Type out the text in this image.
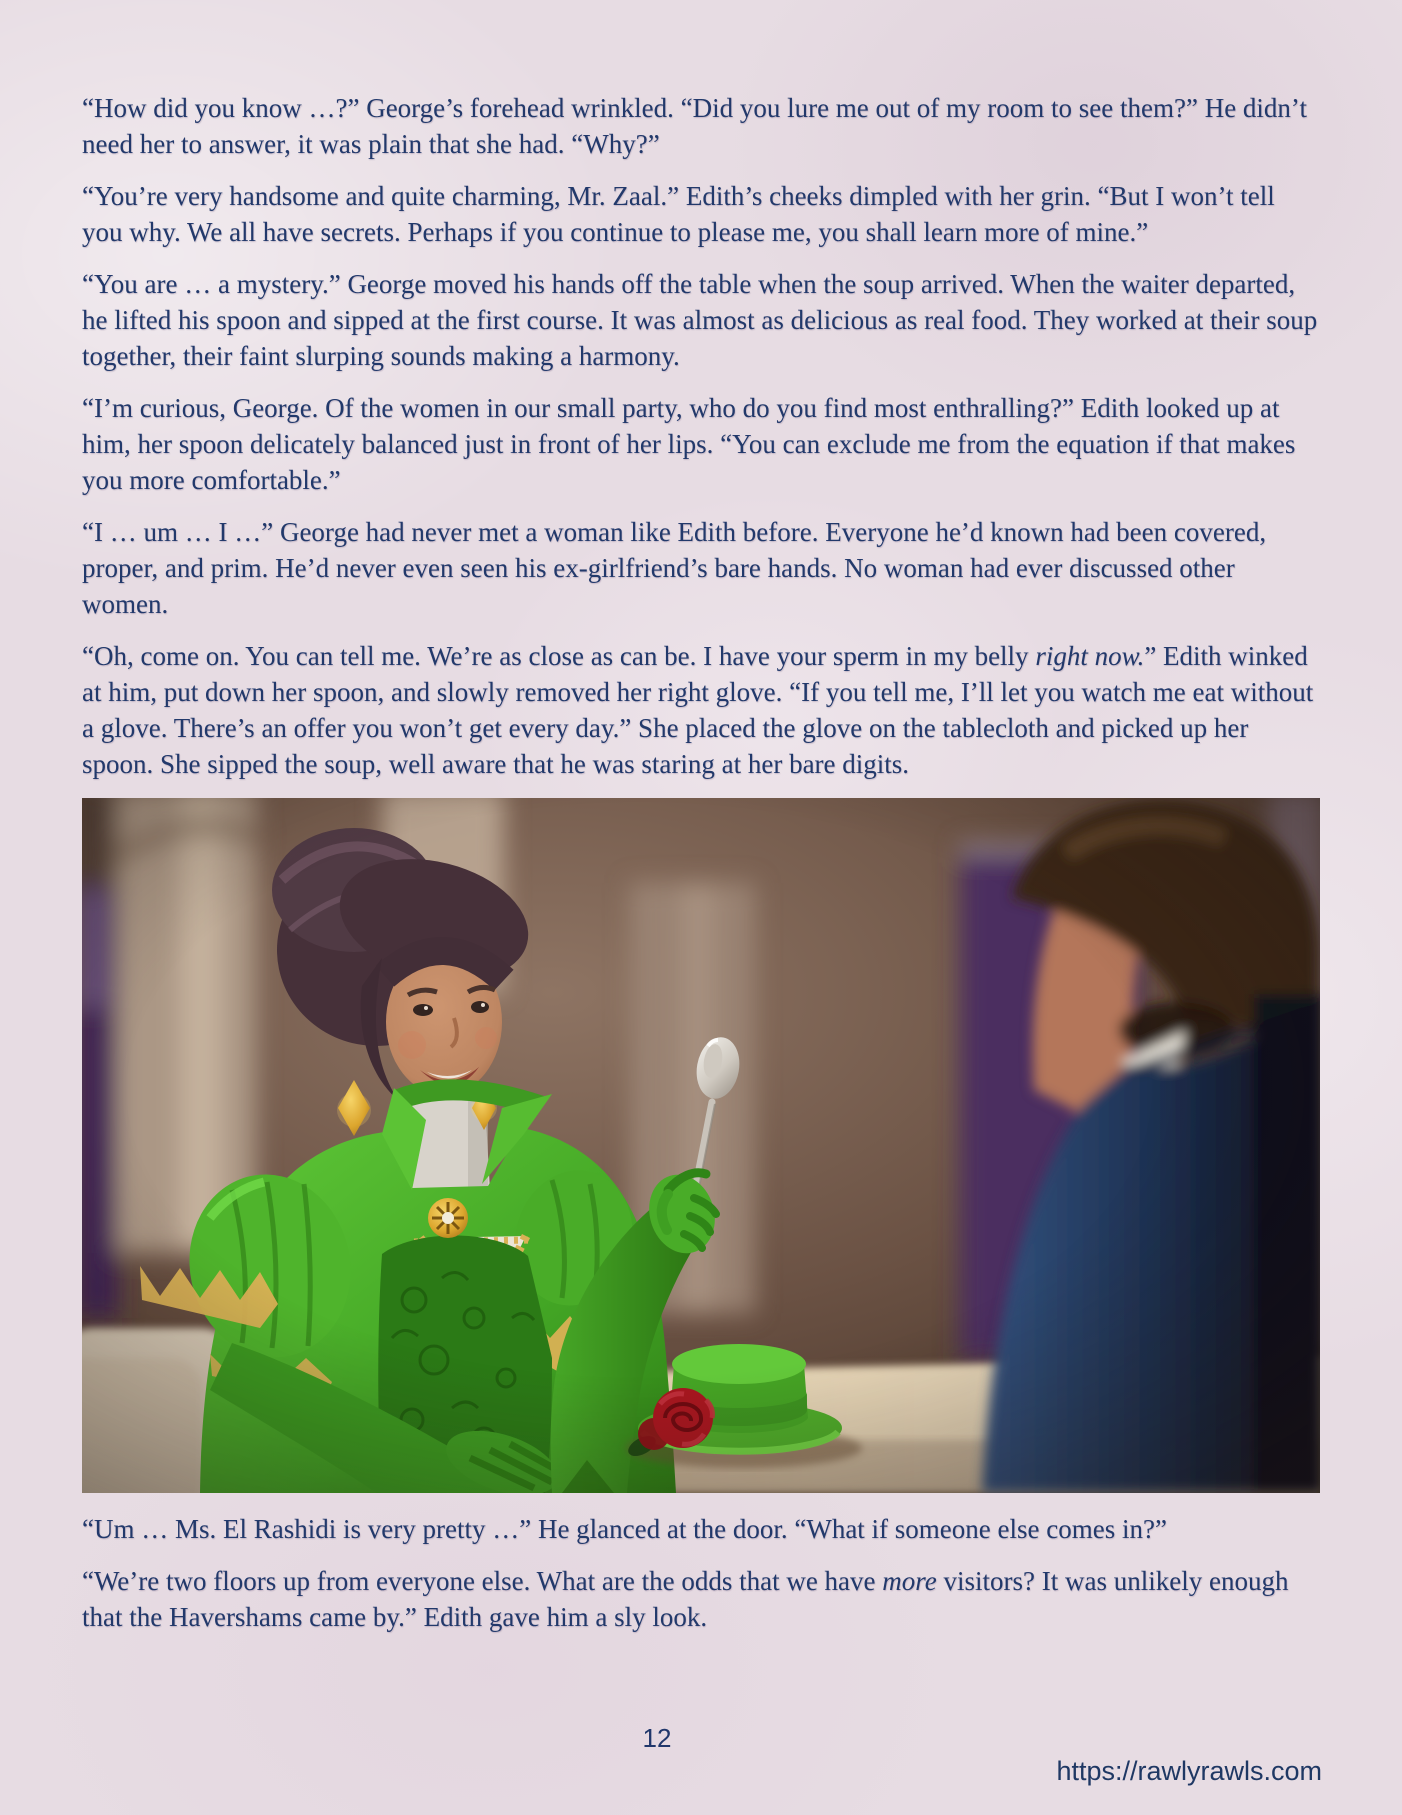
“How did you know …?” George’s forehead wrinkled. “Did you lure me out of my room to see them?” He didn’t need her to answer, it was plain that she had. “Why?”

“You’re very handsome and quite charming, Mr. Zaal.” Edith’s cheeks dimpled with her grin. “But I won’t tell you why. We all have secrets. Perhaps if you continue to please me, you shall learn more of mine.”

“You are … a mystery.” George moved his hands off the table when the soup arrived. When the waiter departed, he lifted his spoon and sipped at the first course. It was almost as delicious as real food. They worked at their soup together, their faint slurping sounds making a harmony.

“I’m curious, George. Of the women in our small party, who do you find most enthralling?” Edith looked up at him, her spoon delicately balanced just in front of her lips. “You can exclude me from the equation if that makes you more comfortable.”

“I … um … I …” George had never met a woman like Edith before. Everyone he’d known had been covered, proper, and prim. He’d never even seen his ex-girlfriend’s bare hands. No woman had ever discussed other women.

“Oh, come on. You can tell me. We’re as close as can be. I have your sperm in my belly right now.” Edith winked at him, put down her spoon, and slowly removed her right glove. “If you tell me, I’ll let you watch me eat without a glove. There’s an offer you won’t get every day.” She placed the glove on the tablecloth and picked up her spoon. She sipped the soup, well aware that he was staring at her bare digits.

“Um … Ms. El Rashidi is very pretty …” He glanced at the door. “What if someone else comes in?”

“We’re two floors up from everyone else. What are the odds that we have more visitors? It was unlikely enough that the Havershams came by.” Edith gave him a sly look.

12
https://rawlyrawls.com
